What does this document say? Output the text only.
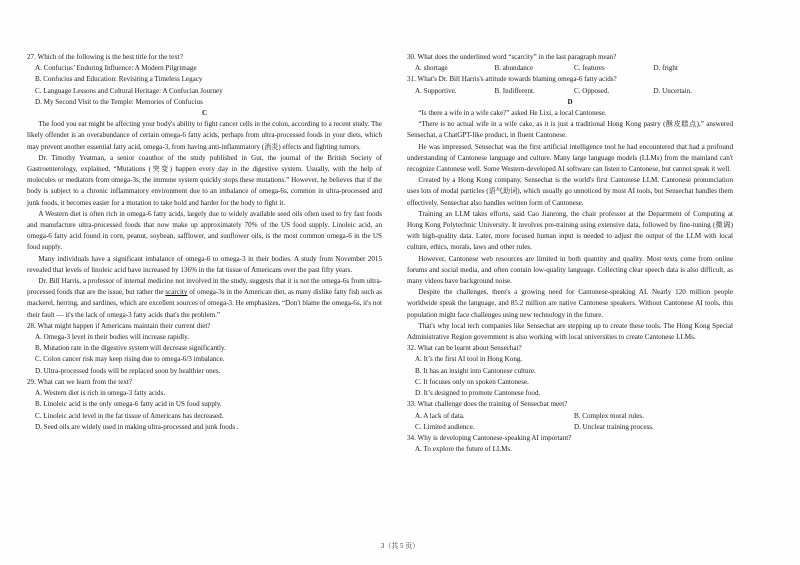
27. Which of the following is the best title for the text?

A. Confucius’ Enduring Influence: A Modern Pilgrimage

B. Confucius and Education: Revisiting a Timeless Legacy

C. Language Lessons and Cultural Heritage: A Confucian Journey

D. My Second Visit to the Temple: Memories of Confucius

C

The food you eat might be affecting your body's ability to fight cancer cells in the colon, according to a recent study. The likely offender is an overabundance of certain omega-6 fatty acids, perhaps from ultra-processed foods in your diets, which may prevent another essential fatty acid, omega-3, from having anti-inflammatory (消炎) effects and fighting tumors.

Dr. Timothy Yeatman, a senior coauthor of the study published in Gut, the journal of the British Society of Gastroenterology, explained, “Mutations (突变) happen every day in the digestive system. Usually, with the help of molecules or mediators from omega-3s, the immune system quickly stops these mutations.” However, he believes that if the body is subject to a chronic inflammatory environment due to an imbalance of omega-6s, common in ultra-processed and junk foods, it becomes easier for a mutation to take hold and harder for the body to fight it.

A Western diet is often rich in omega-6 fatty acids, largely due to widely available seed oils often used to fry fast foods and manufacture ultra-processed foods that now make up approximately 70% of the US food supply. Linoleic acid, an omega-6 fatty acid found in corn, peanut, soybean, safflower, and sunflower oils, is the most common omega-6 in the US food supply.

Many individuals have a significant imbalance of omega-6 to omega-3 in their bodies. A study from November 2015 revealed that levels of linoleic acid have increased by 136% in the fat tissue of Americans over the past fifty years.

Dr. Bill Harris, a professor of internal medicine not involved in the study, suggests that it is not the omega-6s from ultra-processed foods that are the issue, but rather the scarcity of omega-3s in the American diet, as many dislike fatty fish such as mackerel, herring, and sardines, which are excellent sources of omega-3. He emphasizes, “Don't blame the omega-6s, it's not their fault — it's the lack of omega-3 fatty acids that's the problem.”

28. What might happen if Americans maintain their current diet?

A. Omega-3 level in their bodies will increase rapidly.

B. Mutation rate in the digestive system will decrease significantly.

C. Colon cancer risk may keep rising due to omega-6/3 imbalance.

D. Ultra-processed foods will be replaced soon by healthier ones.

29. What can we learn from the text?

A. Western diet is rich in omega-3 fatty acids.

B. Linoleic acid is the only omega-6 fatty acid in US food supply.

C. Linoleic acid level in the fat tissue of Americans has decreased.

D. Seed oils are widely used in making ultra-processed and junk foods .

30. What does the underlined word “scarcity” in the last paragraph mean?

A. shortage	B. abundance	C. features	D. fright

31. What's Dr. Bill Harris's attitude towards blaming omega-6 fatty acids?

A. Supportive.	B. Indifferent.	C. Opposed.	D. Uncertain.

D

“Is there a wife in a wife cake?” asked He Lixi, a local Cantonese.

“There is no actual wife in a wife cake, as it is just a traditional Hong Kong pastry (酥皮糕点),” answered Sensechat, a ChatGPT-like product, in fluent Cantonese.

He was impressed. Sensechat was the first artificial intelligence tool he had encountered that had a profound understanding of Cantonese language and culture. Many large language models (LLMs) from the mainland can't recognize Cantonese well. Some Western-developed AI software can listen to Cantonese, but cannot speak it well.

Created by a Hong Kong company, Sensechat is the world's first Cantonese LLM. Cantonese pronunciation uses lots of modal particles (语气助词), which usually go unnoticed by most AI tools, but Sensechat handles them effectively. Sensechat also handles written form of Cantonese.

Training an LLM takes efforts, said Cao Jianrong, the chair professor at the Department of Computing at Hong Kong Polytechnic University. It involves pre-training using extensive data, followed by fine-tuning (微调) with high-quality data. Later, more focused human input is needed to adjust the output of the LLM with local culture, ethics, morals, laws and other rules.

However, Cantonese web resources are limited in both quantity and quality. Most texts come from online forums and social media, and often contain low-quality language. Collecting clear speech data is also difficult, as many videos have background noise.

Despite the challenges, there's a growing need for Cantonese-speaking AI. Nearly 120 million people worldwide speak the language, and 85.2 million are native Cantonese speakers. Without Cantonese AI tools, this population might face challenges using new technology in the future.

That's why local tech companies like Sensechat are stepping up to create these tools. The Hong Kong Special Administrative Region government is also working with local universities to create Cantonese LLMs.

32. What can be learnt about Sensechat?

A. It’s the first AI tool in Hong Kong.

B. It has an insight into Cantonese culture.

C. It focuses only on spoken Cantonese.

D. It’s designed to promote Cantonese food.

33. What challenge does the training of Sensechat meet?

A. A lack of data.	B. Complex moral rules.
C. Limited audience.	D. Unclear training process.

34. Why is developing Cantonese-speaking AI important?

A. To explore the future of LLMs.

3（共 5 页）
